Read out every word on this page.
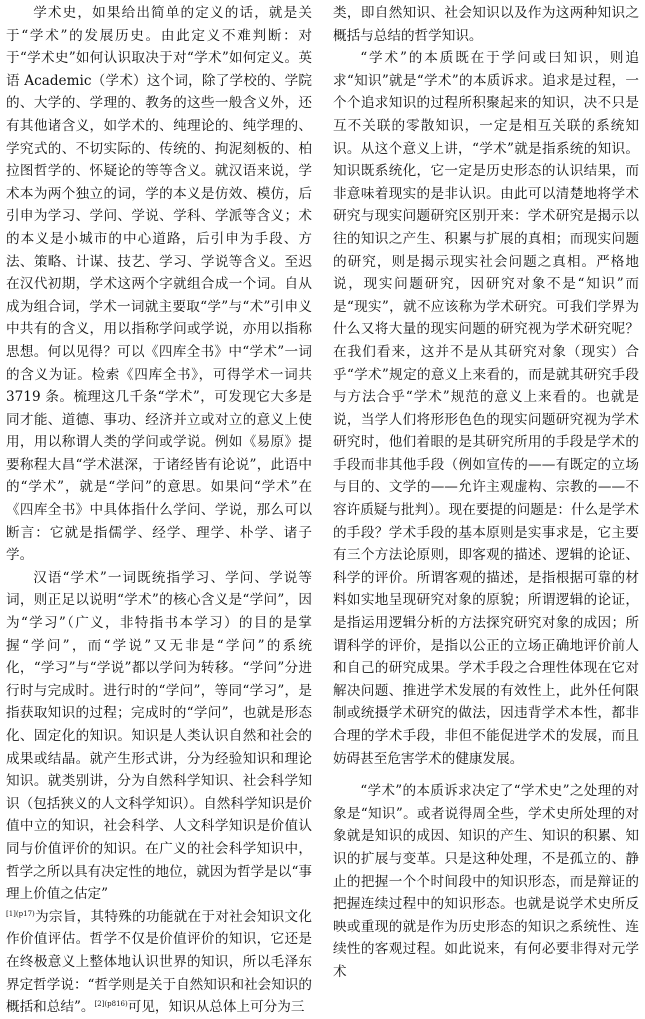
学术史，如果给出简单的定义的话，就是关于“学术”的发展历史。由此定义不难判断：对于“学术史”如何认识取决于对“学术”如何定义。英语 Academic（学术）这个词，除了学校的、学院的、大学的、学理的、教务的这些一般含义外，还有其他诸含义，如学术的、纯理论的、纯学理的、学究式的、不切实际的、传统的、拘泥刻板的、柏拉图哲学的、怀疑论的等等含义。就汉语来说，学术本为两个独立的词，学的本义是仿效、模仿，后引申为学习、学问、学说、学科、学派等含义；术的本义是小城市的中心道路，后引申为手段、方法、策略、计谋、技艺、学习、学说等含义。至迟在汉代初期，学术这两个字就组合成一个词。自从成为组合词，学术一词就主要取“学”与“术”引申义中共有的含义，用以指称学问或学说，亦用以指称思想。何以见得？可以《四库全书》中“学术”一词的含义为证。检索《四库全书》，可得学术一词共 3719 条。梳理这几千条“学术”，可发现它大多是同才能、道德、事功、经济并立或对立的意义上使用，用以称谓人类的学问或学说。例如《易原》提要称程大昌“学术湛深，于诸经皆有论说”，此语中的“学术”，就是“学问”的意思。如果问“学术”在《四库全书》中具体指什么学问、学说，那么可以断言：它就是指儒学、经学、理学、朴学、诸子学。

汉语“学术”一词既统指学习、学问、学说等词，则正足以说明“学术”的核心含义是“学问”，因为“学习”（广义，非特指书本学习）的目的是掌握“学问”，而“学说”又无非是“学问”的系统化，“学习”与“学说”都以学问为转移。“学问”分进行时与完成时。进行时的“学问”，等同“学习”，是指获取知识的过程；完成时的“学问”，也就是形态化、固定化的知识。知识是人类认识自然和社会的成果或结晶。就产生形式讲，分为经验知识和理论知识。就类别讲，分为自然科学知识、社会科学知识（包括狭义的人文科学知识）。自然科学知识是价值中立的知识，社会科学、人文科学知识是价值认同与价值评价的知识。在广义的社会科学知识中，哲学之所以具有决定性的地位，就因为哲学是以“事理上价值之估定”

$^{[1](p17)}$为宗旨，其特殊的功能就在于对社会知识文化作价值评估。哲学不仅是价值评价的知识，它还是在终极意义上整体地认识世界的知识，所以毛泽东界定哲学说：“哲学则是关于自然知识和社会知识的概括和总结”。$^{[2](p816)}$可见，知识从总体上可分为三

类，即自然知识、社会知识以及作为这两种知识之概括与总结的哲学知识。

“学术”的本质既在于学问或曰知识，则追求“知识”就是“学术”的本质诉求。追求是过程，一个个追求知识的过程所积聚起来的知识，决不只是互不关联的零散知识，一定是相互关联的系统知识。从这个意义上讲，“学术”就是指系统的知识。知识既系统化，它一定是历史形态的认识结果，而非意味着现实的是非认识。由此可以清楚地将学术研究与现实问题研究区别开来：学术研究是揭示以往的知识之产生、积累与扩展的真相；而现实问题的研究，则是揭示现实社会问题之真相。严格地说，现实问题研究，因研究对象不是“知识”而是“现实”，就不应该称为学术研究。可我们学界为什么又将大量的现实问题的研究视为学术研究呢？在我们看来，这并不是从其研究对象（现实）合乎“学术”规定的意义上来看的，而是就其研究手段与方法合乎“学术”规范的意义上来看的。也就是说，当学人们将形形色色的现实问题研究视为学术研究时，他们着眼的是其研究所用的手段是学术的手段而非其他手段（例如宣传的——有既定的立场与目的、文学的——允许主观虚构、宗教的——不容许质疑与批判）。现在要提的问题是：什么是学术的手段？学术手段的基本原则是实事求是，它主要有三个方法论原则，即客观的描述、逻辑的论证、科学的评价。所谓客观的描述，是指根据可靠的材料如实地呈现研究对象的原貌；所谓逻辑的论证，是指运用逻辑分析的方法探究研究对象的成因；所谓科学的评价，是指以公正的立场正确地评价前人和自己的研究成果。学术手段之合理性体现在它对解决问题、推进学术发展的有效性上，此外任何限制或统摄学术研究的做法，因违背学术本性，都非合理的学术手段，非但不能促进学术的发展，而且妨碍甚至危害学术的健康发展。

“学术”的本质诉求决定了“学术史”之处理的对象是“知识”。或者说得周全些，学术史所处理的对象就是知识的成因、知识的产生、知识的积累、知识的扩展与变革。只是这种处理，不是孤立的、静止的把握一个个时间段中的知识形态，而是辩证的把握连续过程中的知识形态。也就是说学术史所反映或重现的就是作为历史形态的知识之系统性、连续性的客观过程。如此说来，有何必要非得对元学术
